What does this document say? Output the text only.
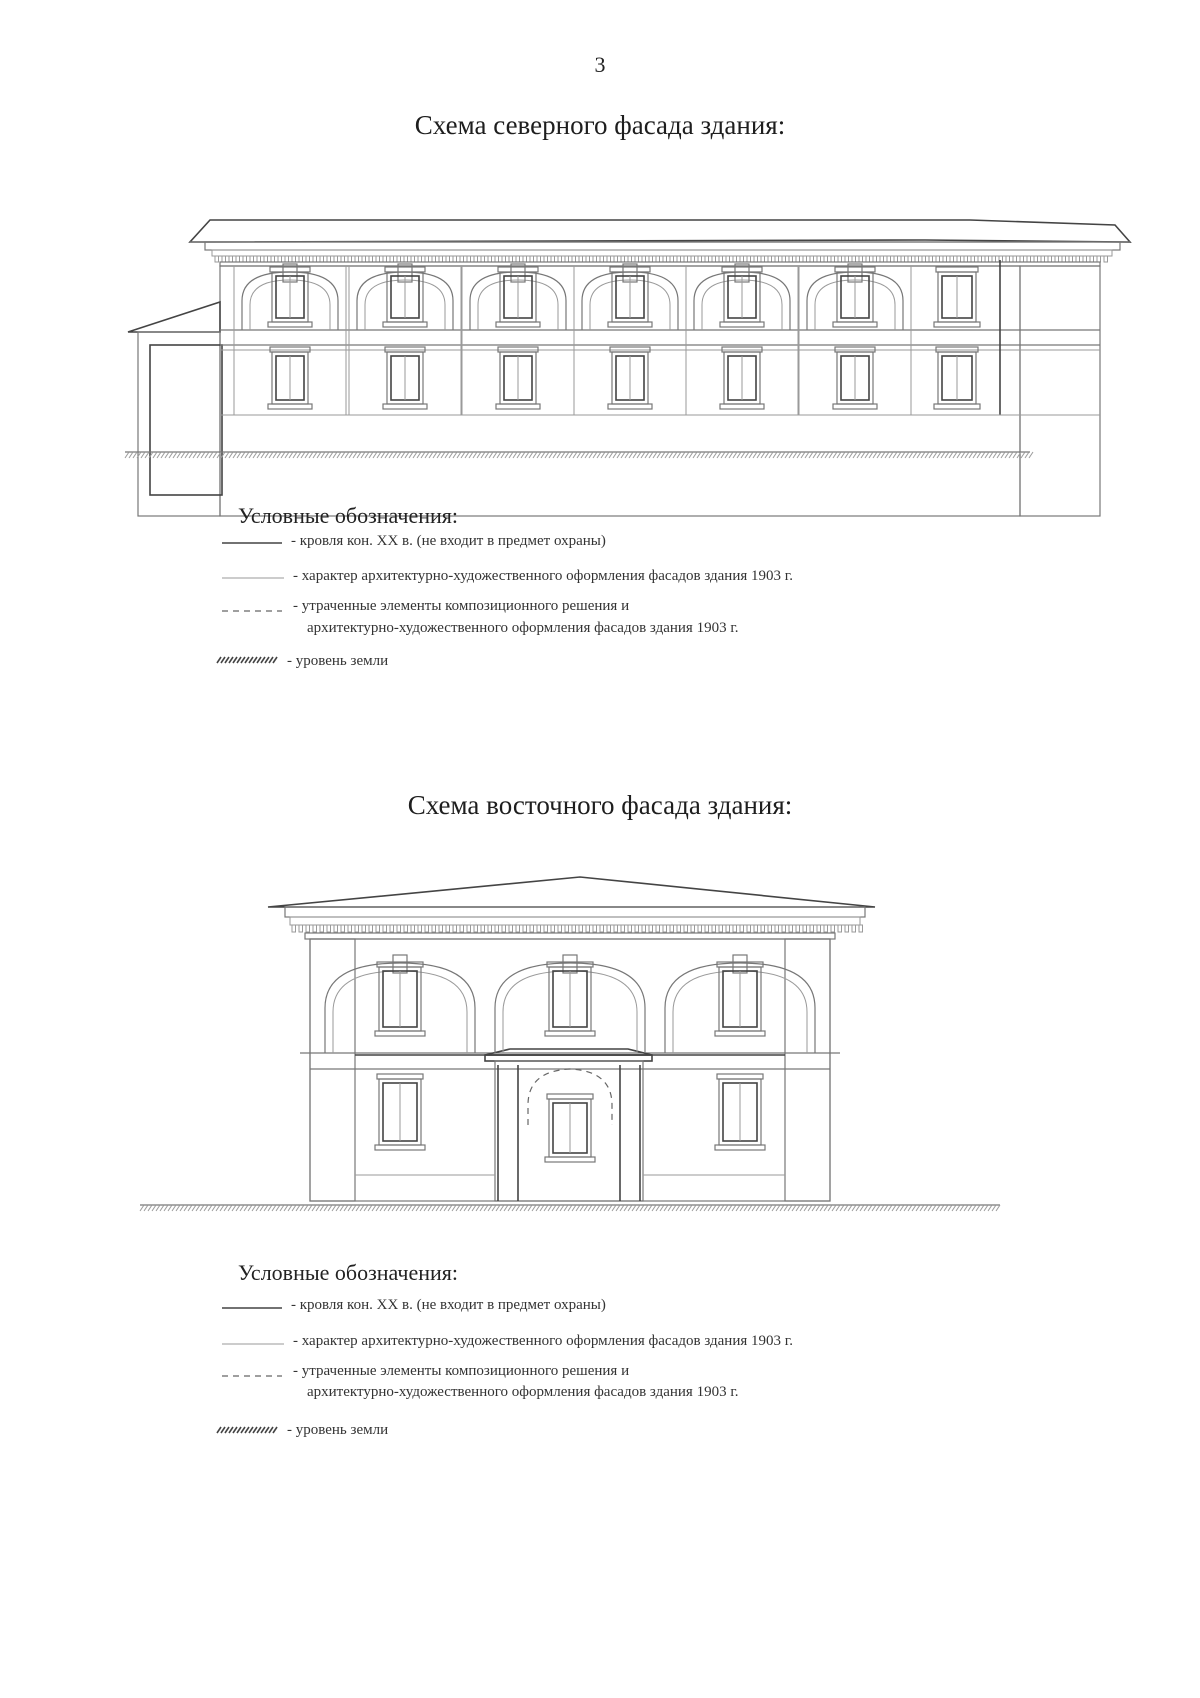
3
Схема северного фасада здания:
Условные обозначения:
- кровля кон. XX в. (не входит в предмет охраны)
- характер архитектурно-художественного оформления фасадов здания 1903 г.
- утраченные элементы композиционного решения и
архитектурно-художественного оформления фасадов здания 1903 г.
- уровень земли
Схема восточного фасада здания:
Условные обозначения:
- кровля кон. XX в. (не входит в предмет охраны)
- характер архитектурно-художественного оформления фасадов здания 1903 г.
- утраченные элементы композиционного решения и
архитектурно-художественного оформления фасадов здания 1903 г.
- уровень земли
